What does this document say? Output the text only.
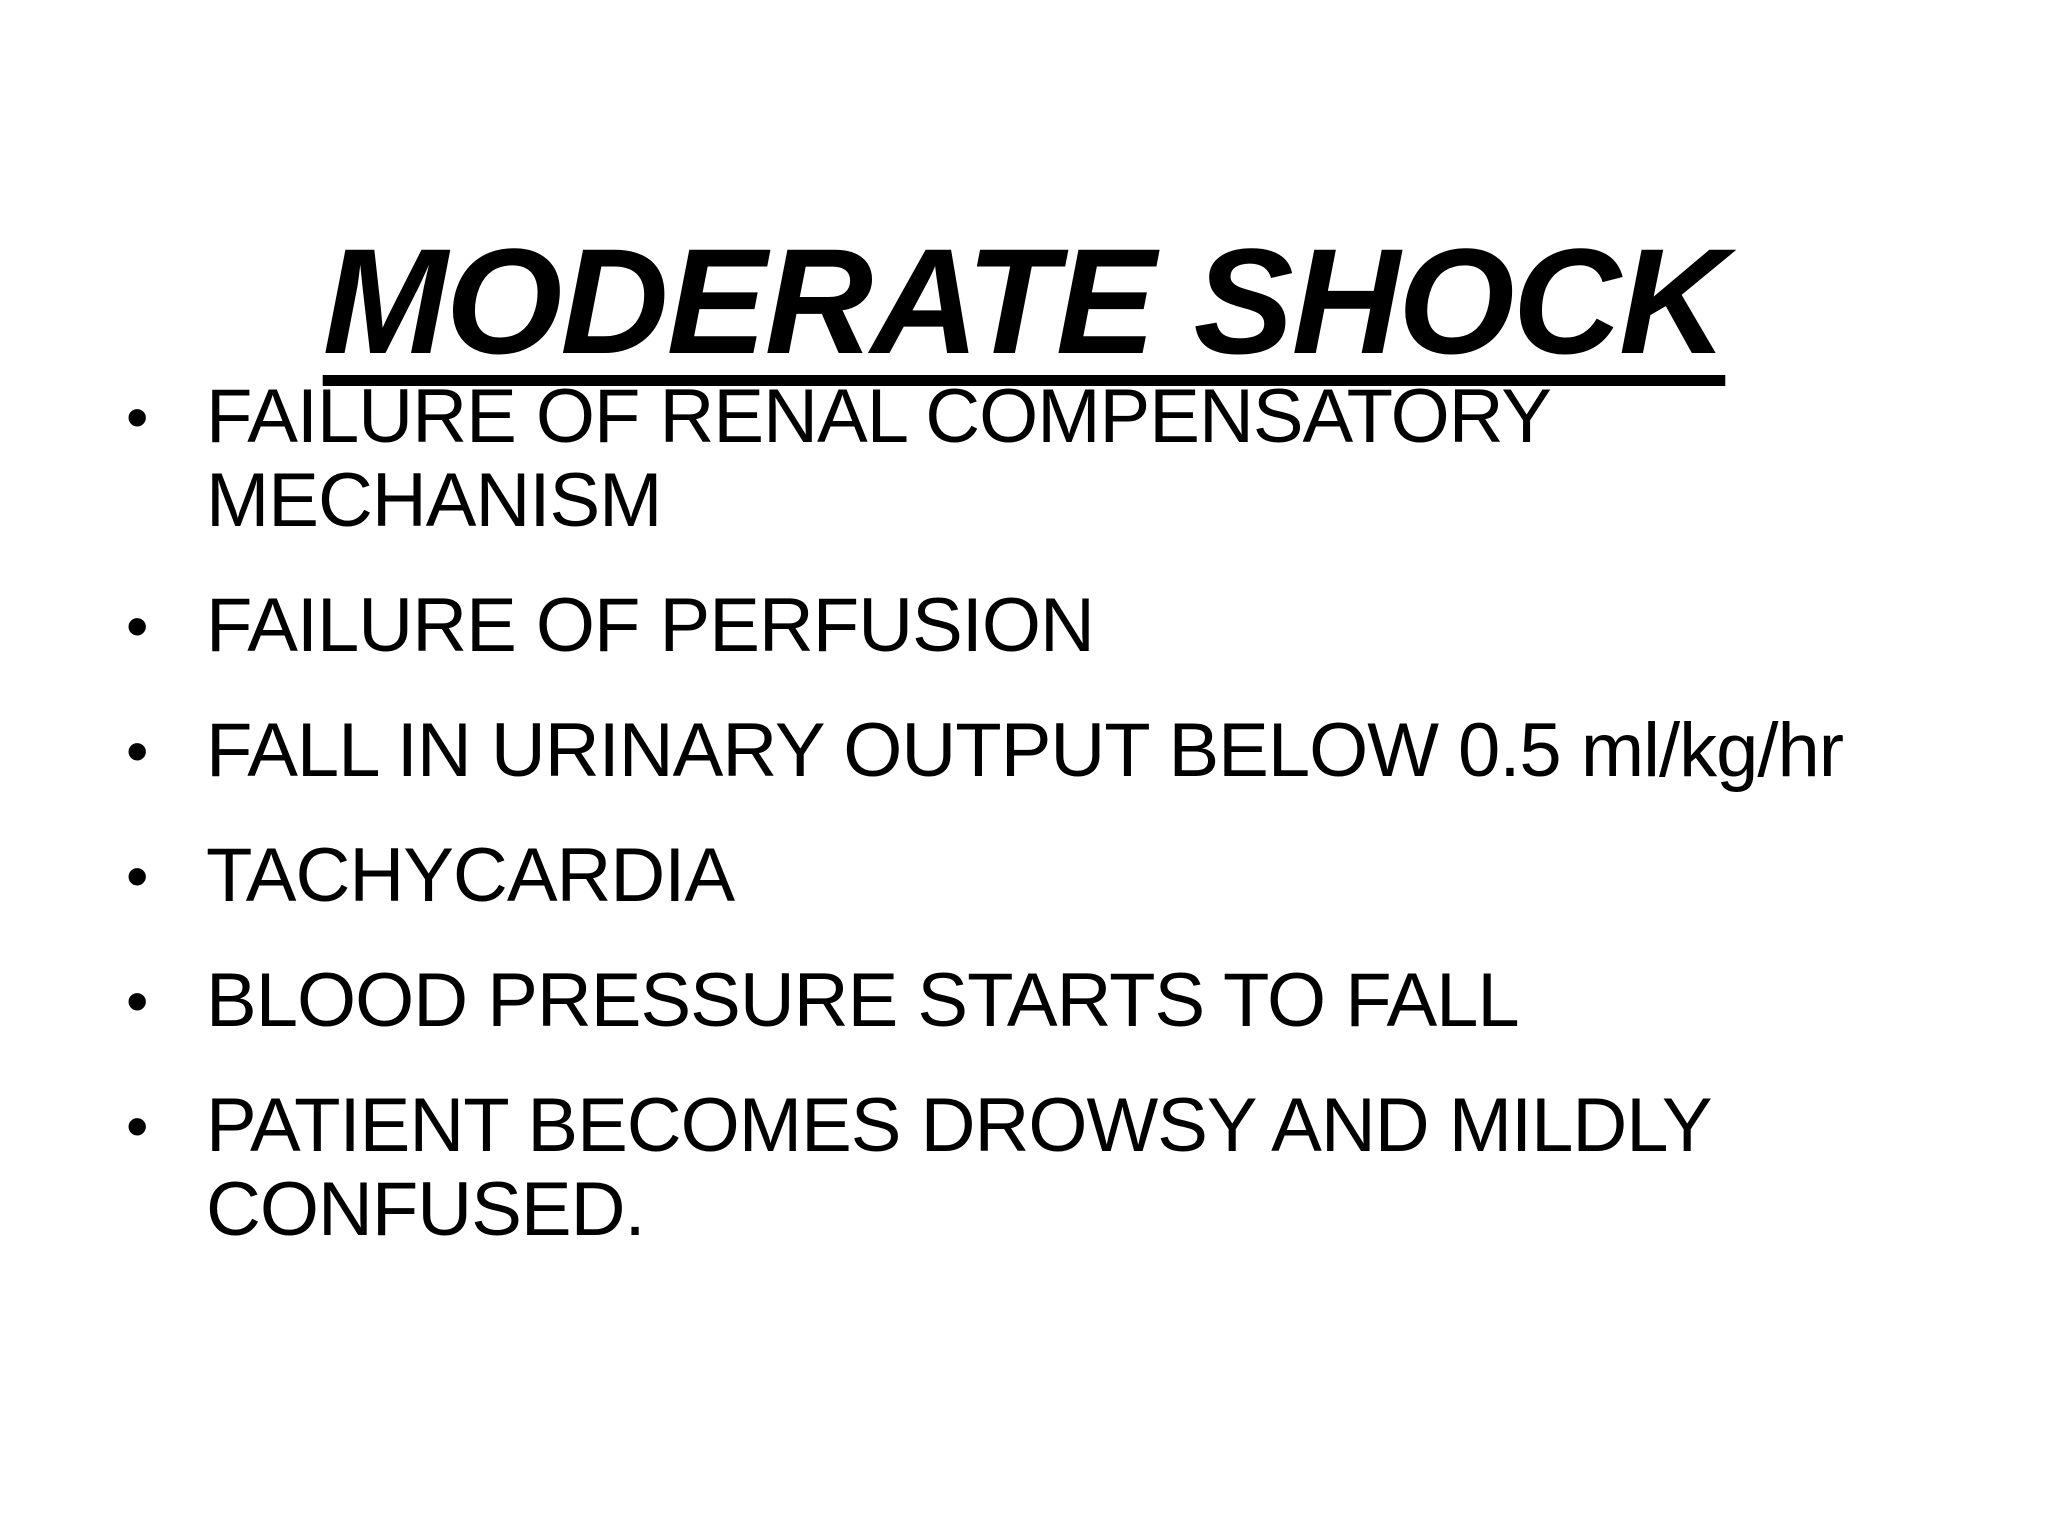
MODERATE SHOCK
• FAILURE OF RENAL COMPENSATORY MECHANISM
• FAILURE OF PERFUSION
• FALL IN URINARY OUTPUT BELOW 0.5 ml/kg/hr
• TACHYCARDIA
• BLOOD PRESSURE STARTS TO FALL
• PATIENT BECOMES DROWSY AND MILDLY CONFUSED.
